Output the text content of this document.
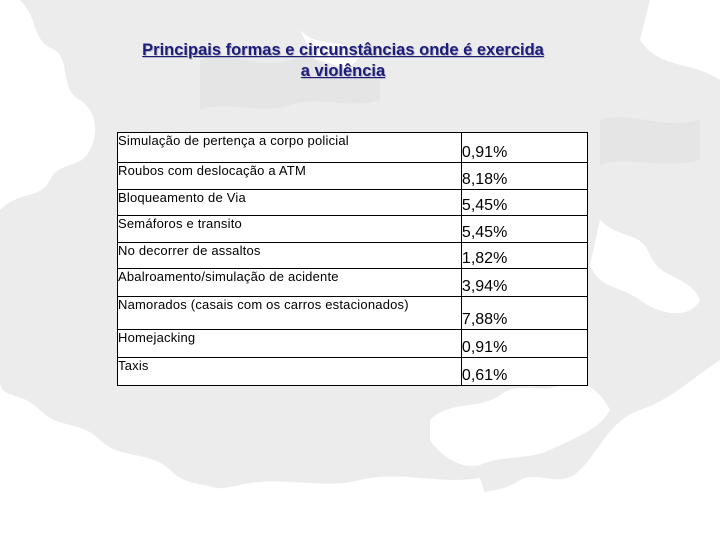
Principais formas e circunstâncias onde é exercida
a violência
Simulação de pertença a corpo policial	0,91%
Roubos com deslocação a ATM	8,18%
Bloqueamento de Via	5,45%
Semáforos e transito	5,45%
No decorrer de assaltos	1,82%
Abalroamento/simulação de acidente	3,94%
Namorados (casais com os carros estacionados)	7,88%
Homejacking	0,91%
Taxis	0,61%
